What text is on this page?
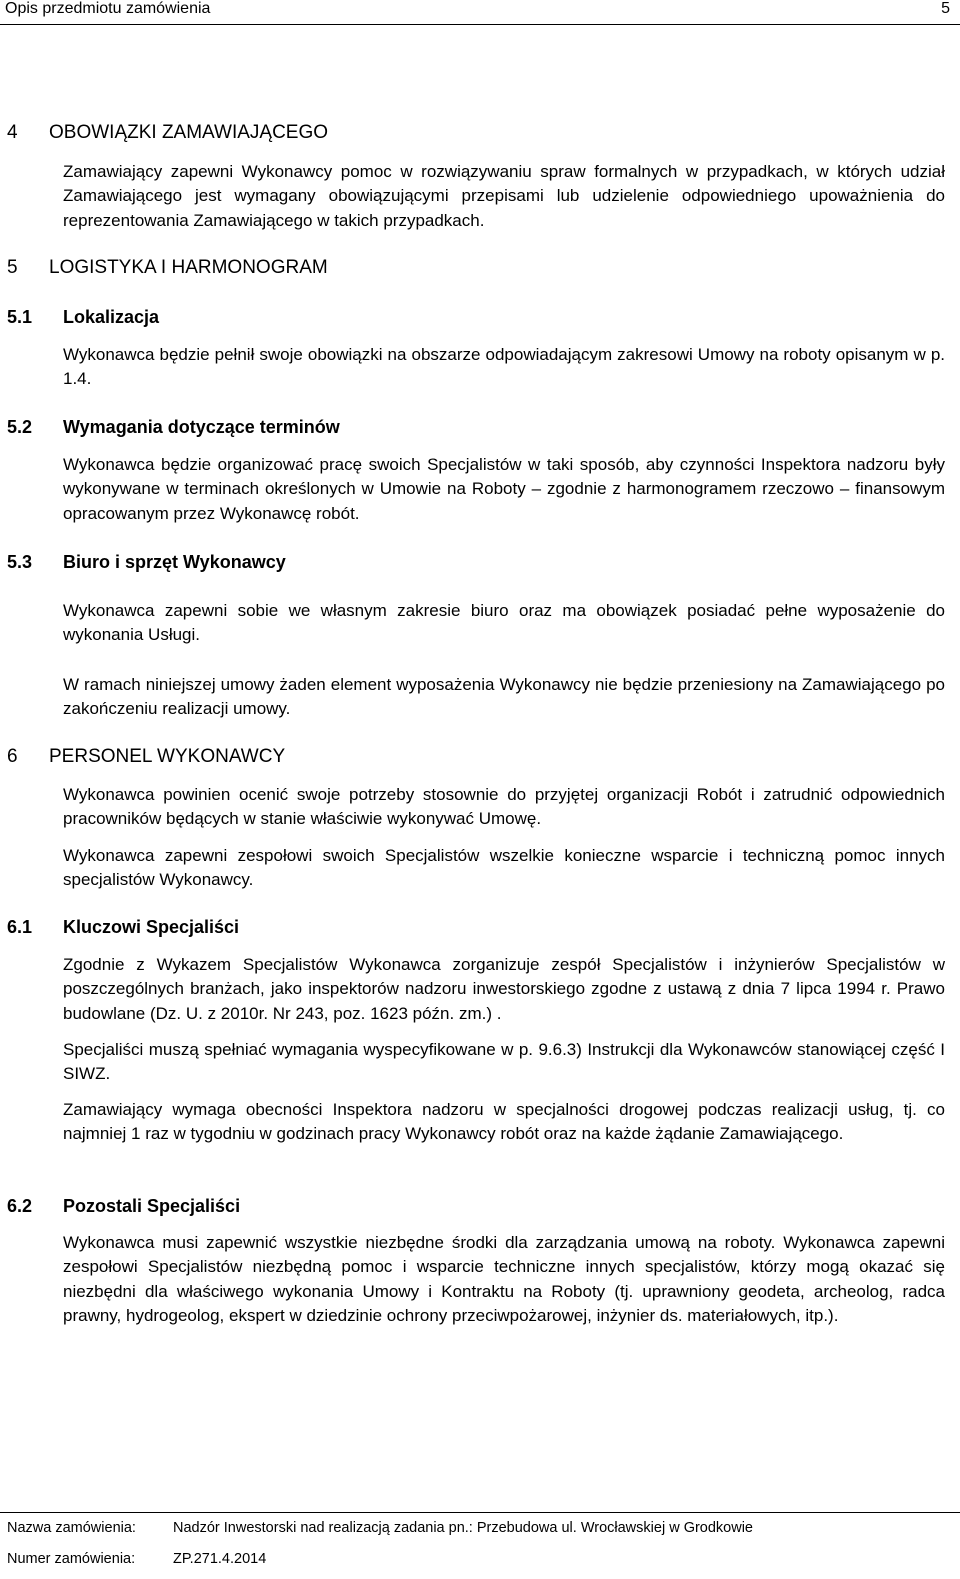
Opis przedmiotu zamówienia	5
4 OBOWIĄZKI ZAMAWIAJĄCEGO
Zamawiający zapewni Wykonawcy pomoc w rozwiązywaniu spraw formalnych w przypadkach, w których udział Zamawiającego jest wymagany obowiązującymi przepisami lub udzielenie odpowiedniego upoważnienia do reprezentowania Zamawiającego w takich przypadkach.
5 LOGISTYKA I HARMONOGRAM
5.1 Lokalizacja
Wykonawca będzie pełnił swoje obowiązki na obszarze odpowiadającym zakresowi Umowy na roboty opisanym w p. 1.4.
5.2 Wymagania dotyczące terminów
Wykonawca będzie organizować pracę swoich Specjalistów w taki sposób, aby czynności Inspektora nadzoru były wykonywane w terminach określonych w Umowie na Roboty – zgodnie z harmonogramem rzeczowo – finansowym opracowanym przez Wykonawcę robót.
5.3 Biuro i sprzęt Wykonawcy
Wykonawca zapewni sobie we własnym zakresie biuro oraz ma obowiązek posiadać pełne wyposażenie do wykonania Usługi.
W ramach niniejszej umowy żaden element wyposażenia Wykonawcy nie będzie przeniesiony na Zamawiającego po zakończeniu realizacji umowy.
6 PERSONEL WYKONAWCY
Wykonawca powinien ocenić swoje potrzeby stosownie do przyjętej organizacji Robót i zatrudnić odpowiednich pracowników będących w stanie właściwie wykonywać Umowę.
Wykonawca zapewni zespołowi swoich Specjalistów wszelkie konieczne wsparcie i techniczną pomoc innych specjalistów Wykonawcy.
6.1 Kluczowi Specjaliści
Zgodnie z Wykazem Specjalistów Wykonawca zorganizuje zespół Specjalistów i inżynierów Specjalistów w poszczególnych branżach, jako inspektorów nadzoru inwestorskiego zgodne z ustawą z dnia 7 lipca 1994 r. Prawo budowlane (Dz. U. z 2010r. Nr 243, poz. 1623 późn. zm.) .
Specjaliści muszą spełniać wymagania wyspecyfikowane w p. 9.6.3) Instrukcji dla Wykonawców stanowiącej część I SIWZ.
Zamawiający wymaga obecności Inspektora nadzoru w specjalności drogowej podczas realizacji usług, tj. co najmniej 1 raz w tygodniu w godzinach pracy Wykonawcy robót oraz na każde żądanie Zamawiającego.
6.2 Pozostali Specjaliści
Wykonawca musi zapewnić wszystkie niezbędne środki dla zarządzania umową na roboty. Wykonawca zapewni zespołowi Specjalistów niezbędną pomoc i wsparcie techniczne innych specjalistów, którzy mogą okazać się niezbędni dla właściwego wykonania Umowy i Kontraktu na Roboty (tj. uprawniony geodeta, archeolog, radca prawny, hydrogeolog, ekspert w dziedzinie ochrony przeciwpożarowej, inżynier ds. materiałowych, itp.).
Nazwa zamówienia:	Nadzór Inwestorski nad realizacją zadania pn.: Przebudowa ul. Wrocławskiej w Grodkowie
Numer zamówienia:	ZP.271.4.2014
